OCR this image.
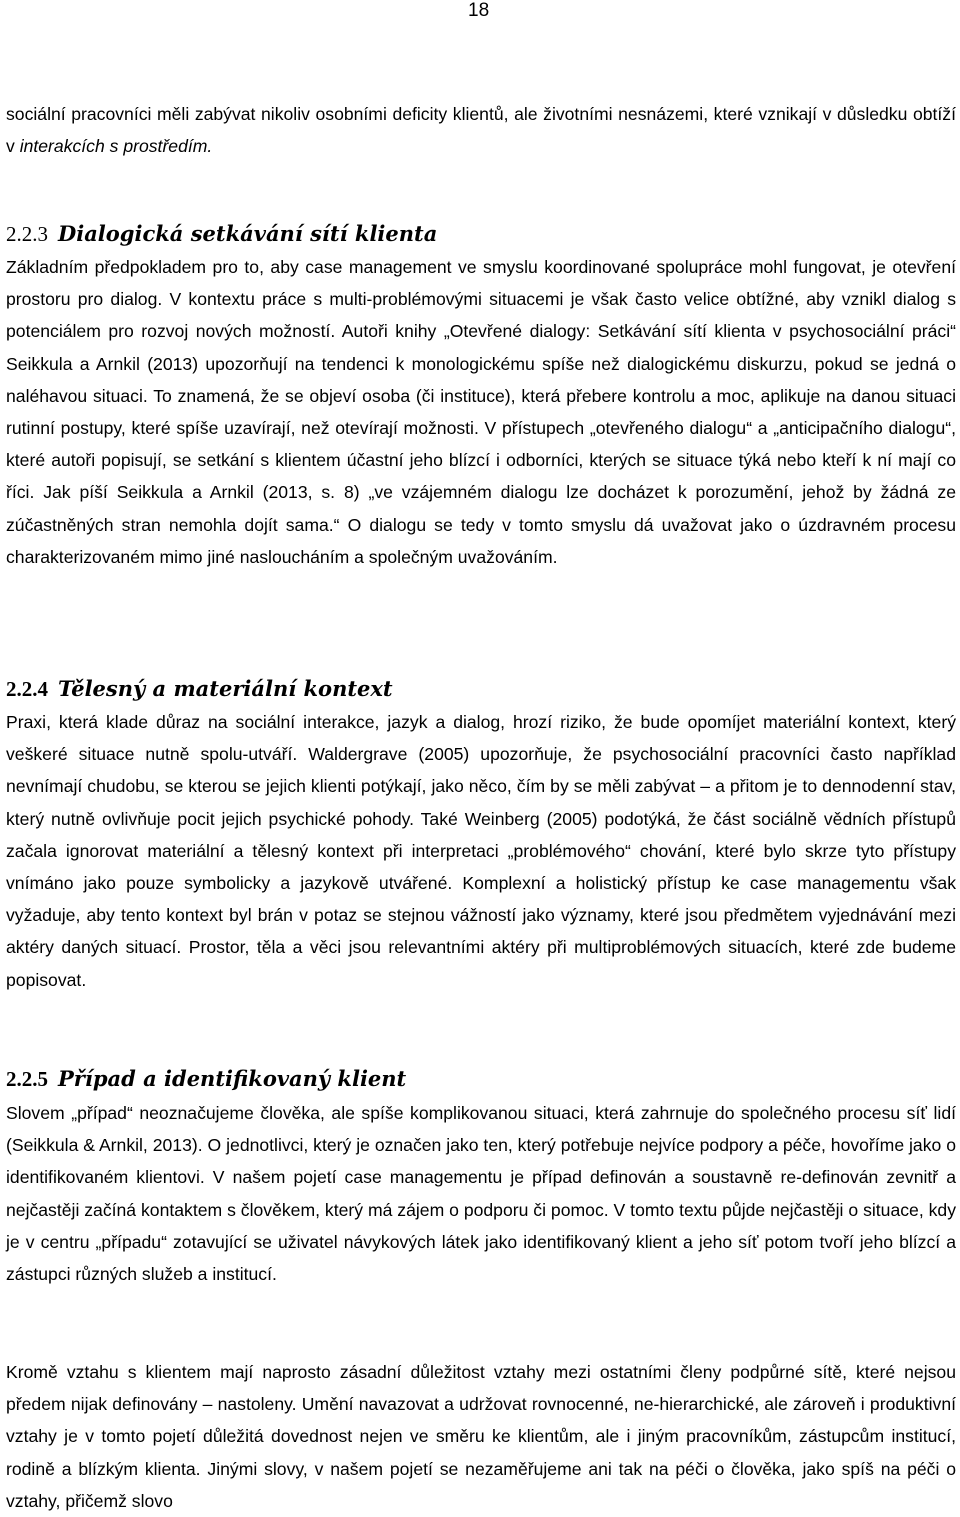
18

sociální pracovníci měli zabývat nikoliv osobními deficity klientů, ale životními nesnázemi, které vznikají v důsledku obtíží v interakcích s prostředím.

2.2.3 Dialogická setkávání sítí klienta

Základním předpokladem pro to, aby case management ve smyslu koordinované spolupráce mohl fungovat, je otevření prostoru pro dialog. V kontextu práce s multi-problémovými situacemi je však často velice obtížné, aby vznikl dialog s potenciálem pro rozvoj nových možností. Autoři knihy „Otevřené dialogy: Setkávání sítí klienta v psychosociální práci“ Seikkula a Arnkil (2013) upozorňují na tendenci k monologickému spíše než dialogickému diskurzu, pokud se jedná o naléhavou situaci. To znamená, že se objeví osoba (či instituce), která přebere kontrolu a moc, aplikuje na danou situaci rutinní postupy, které spíše uzavírají, než otevírají možnosti. V přístupech „otevřeného dialogu“ a „anticipačního dialogu“, které autoři popisují, se setkání s klientem účastní jeho blízcí i odborníci, kterých se situace týká nebo kteří k ní mají co říci. Jak píší Seikkula a Arnkil (2013, s. 8) „ve vzájemném dialogu lze docházet k porozumění, jehož by žádná ze zúčastněných stran nemohla dojít sama.“ O dialogu se tedy v tomto smyslu dá uvažovat jako o úzdravném procesu charakterizovaném mimo jiné nasloucháním a společným uvažováním.

2.2.4 Tělesný a materiální kontext

Praxi, která klade důraz na sociální interakce, jazyk a dialog, hrozí riziko, že bude opomíjet materiální kontext, který veškeré situace nutně spolu-utváří. Waldergrave (2005) upozorňuje, že psychosociální pracovníci často například nevnímají chudobu, se kterou se jejich klienti potýkají, jako něco, čím by se měli zabývat – a přitom je to dennodenní stav, který nutně ovlivňuje pocit jejich psychické pohody. Také Weinberg (2005) podotýká, že část sociálně vědních přístupů začala ignorovat materiální a tělesný kontext při interpretaci „problémového“ chování, které bylo skrze tyto přístupy vnímáno jako pouze symbolicky a jazykově utvářené. Komplexní a holistický přístup ke case managementu však vyžaduje, aby tento kontext byl brán v potaz se stejnou vážností jako významy, které jsou předmětem vyjednávání mezi aktéry daných situací. Prostor, těla a věci jsou relevantními aktéry při multiproblémových situacích, které zde budeme popisovat.

2.2.5 Případ a identifikovaný klient

Slovem „případ“ neoznačujeme člověka, ale spíše komplikovanou situaci, která zahrnuje do společného procesu síť lidí (Seikkula & Arnkil, 2013). O jednotlivci, který je označen jako ten, který potřebuje nejvíce podpory a péče, hovoříme jako o identifikovaném klientovi. V našem pojetí case managementu je případ definován a soustavně re-definován zevnitř a nejčastěji začíná kontaktem s člověkem, který má zájem o podporu či pomoc. V tomto textu půjde nejčastěji o situace, kdy je v centru „případu“ zotavující se uživatel návykových látek jako identifikovaný klient a jeho síť potom tvoří jeho blízcí a zástupci různých služeb a institucí.

Kromě vztahu s klientem mají naprosto zásadní důležitost vztahy mezi ostatními členy podpůrné sítě, které nejsou předem nijak definovány – nastoleny. Umění navazovat a udržovat rovnocenné, ne-hierarchické, ale zároveň i produktivní vztahy je v tomto pojetí důležitá dovednost nejen ve směru ke klientům, ale i jiným pracovníkům, zástupcům institucí, rodině a blízkým klienta. Jinými slovy, v našem pojetí se nezaměřujeme ani tak na péči o člověka, jako spíš na péči o vztahy, přičemž slovo
